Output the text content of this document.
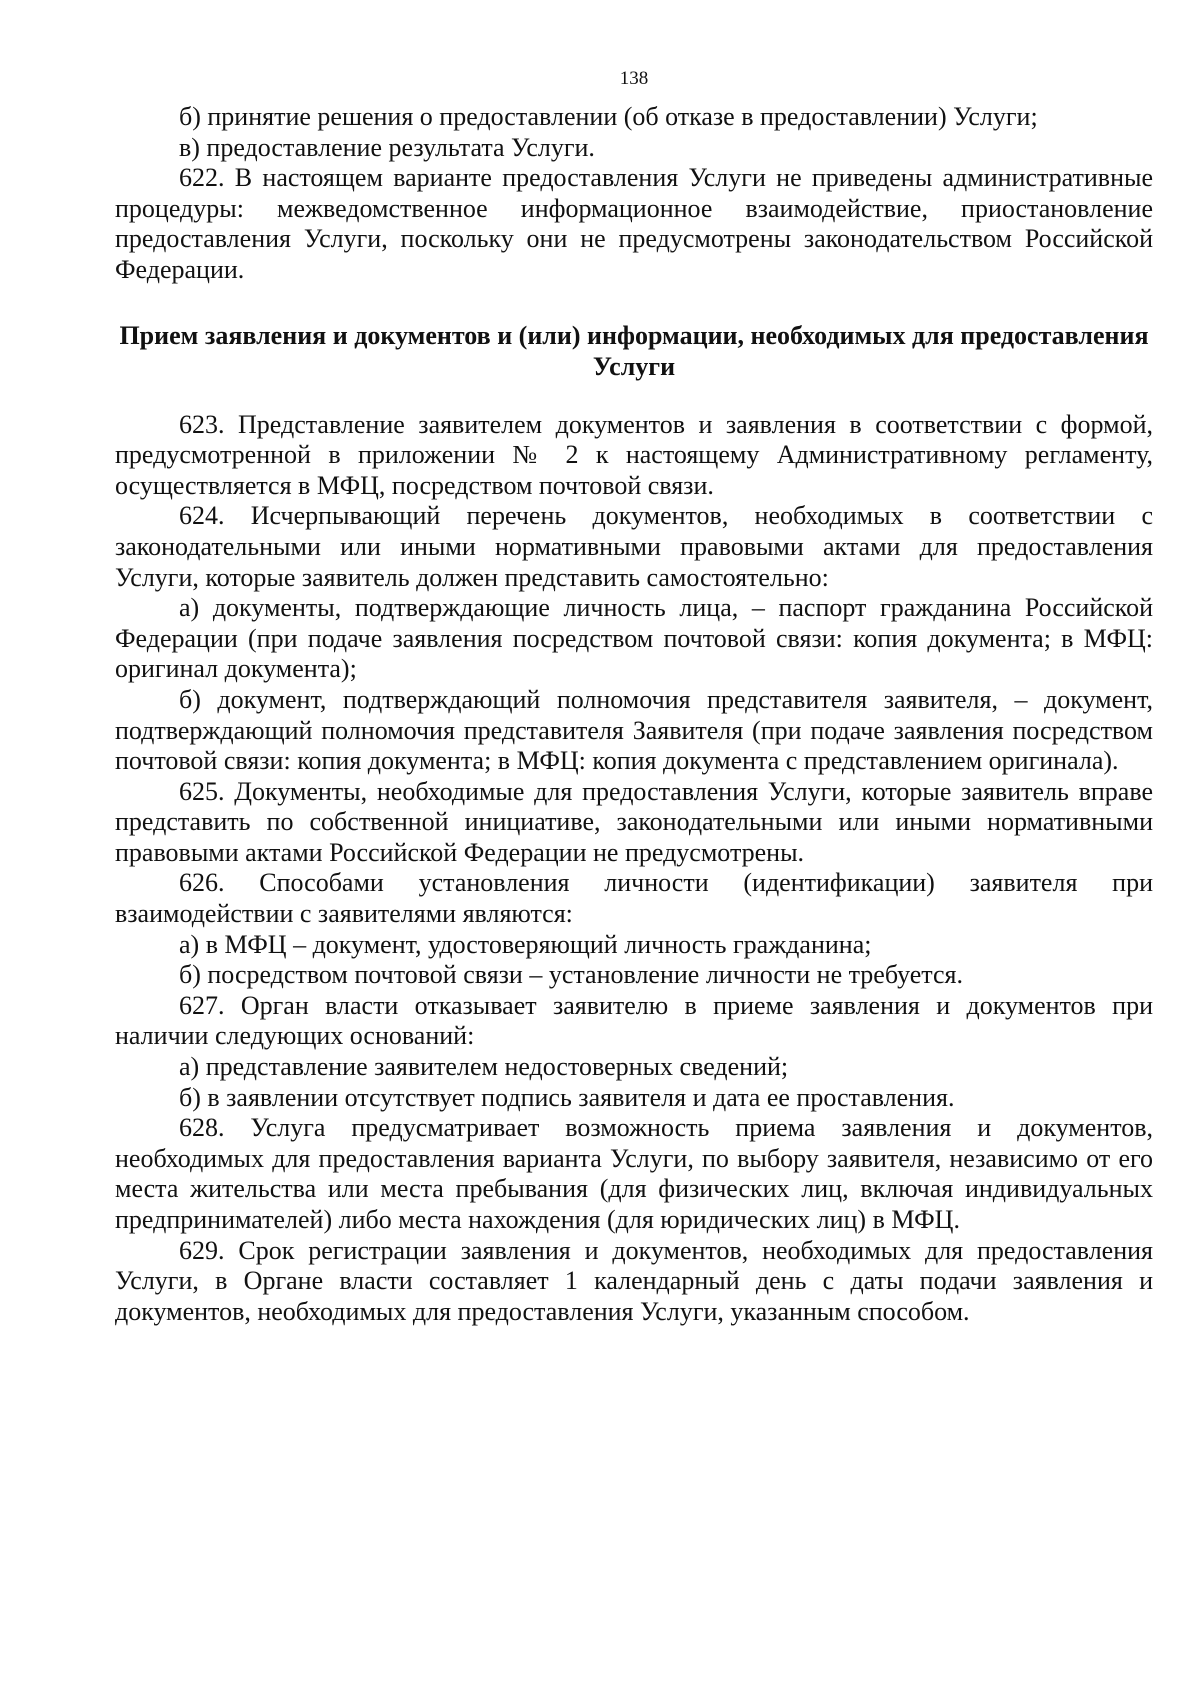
138

б) принятие решения о предоставлении (об отказе в предоставлении) Услуги;

в) предоставление результата Услуги.

622. В настоящем варианте предоставления Услуги не приведены административные процедуры: межведомственное информационное взаимодействие, приостановление предоставления Услуги, поскольку они не предусмотрены законодательством Российской Федерации.

Прием заявления и документов и (или) информации, необходимых для предоставления Услуги

623. Представление заявителем документов и заявления в соответствии с формой, предусмотренной в приложении № 2 к настоящему Административному регламенту, осуществляется в МФЦ, посредством почтовой связи.

624. Исчерпывающий перечень документов, необходимых в соответствии с законодательными или иными нормативными правовыми актами для предоставления Услуги, которые заявитель должен представить самостоятельно:

а) документы, подтверждающие личность лица, – паспорт гражданина Российской Федерации (при подаче заявления посредством почтовой связи: копия документа; в МФЦ: оригинал документа);

б) документ, подтверждающий полномочия представителя заявителя, – документ, подтверждающий полномочия представителя Заявителя (при подаче заявления посредством почтовой связи: копия документа; в МФЦ: копия документа с представлением оригинала).

625. Документы, необходимые для предоставления Услуги, которые заявитель вправе представить по собственной инициативе, законодательными или иными нормативными правовыми актами Российской Федерации не предусмотрены.

626. Способами установления личности (идентификации) заявителя при взаимодействии с заявителями являются:

а) в МФЦ – документ, удостоверяющий личность гражданина;

б) посредством почтовой связи – установление личности не требуется.

627. Орган власти отказывает заявителю в приеме заявления и документов при наличии следующих оснований:

а) представление заявителем недостоверных сведений;

б) в заявлении отсутствует подпись заявителя и дата ее проставления.

628. Услуга предусматривает возможность приема заявления и документов, необходимых для предоставления варианта Услуги, по выбору заявителя, независимо от его места жительства или места пребывания (для физических лиц, включая индивидуальных предпринимателей) либо места нахождения (для юридических лиц) в МФЦ.

629. Срок регистрации заявления и документов, необходимых для предоставления Услуги, в Органе власти составляет 1 календарный день с даты подачи заявления и документов, необходимых для предоставления Услуги, указанным способом.
